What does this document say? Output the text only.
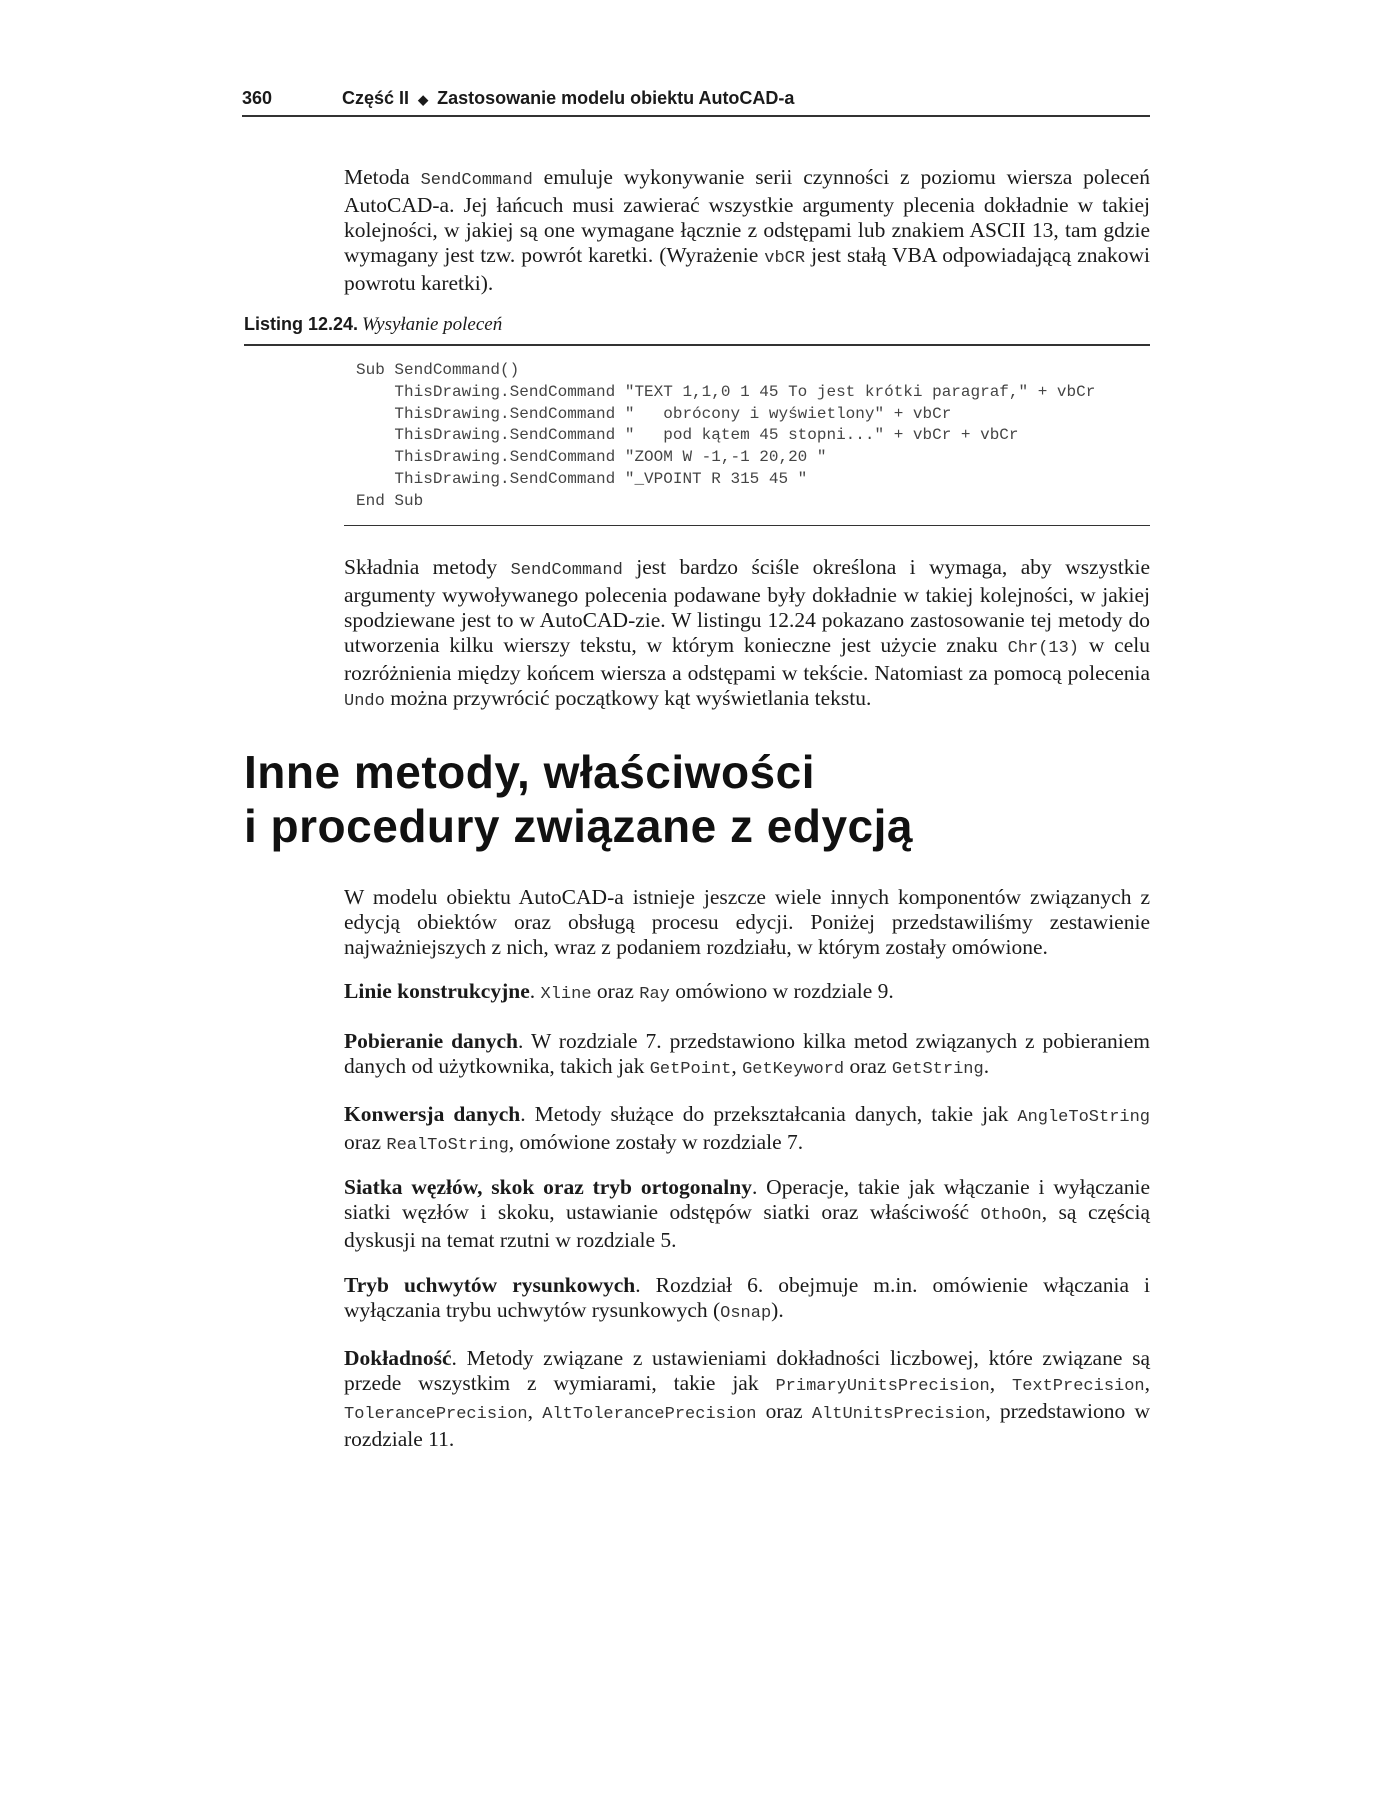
360	Część II ◆ Zastosowanie modelu obiektu AutoCAD-a

Metoda SendCommand emuluje wykonywanie serii czynności z poziomu wiersza poleceń AutoCAD-a. Jej łańcuch musi zawierać wszystkie argumenty plecenia dokładnie w takiej kolejności, w jakiej są one wymagane łącznie z odstępami lub znakiem ASCII 13, tam gdzie wymagany jest tzw. powrót karetki. (Wyrażenie vbCR jest stałą VBA odpowiadającą znakowi powrotu karetki).

Listing 12.24. Wysyłanie poleceń
Sub SendCommand()
ThisDrawing.SendCommand "TEXT 1,1,0 1 45 To jest krótki paragraf," + vbCr
ThisDrawing.SendCommand "   obrócony i wyświetlony" + vbCr
ThisDrawing.SendCommand "   pod kątem 45 stopni..." + vbCr + vbCr
ThisDrawing.SendCommand "ZOOM W -1,-1 20,20 "
ThisDrawing.SendCommand "_VPOINT R 315 45 "
End Sub

Składnia metody SendCommand jest bardzo ściśle określona i wymaga, aby wszystkie argumenty wywoływanego polecenia podawane były dokładnie w takiej kolejności, w jakiej spodziewane jest to w AutoCAD-zie. W listingu 12.24 pokazano zastosowanie tej metody do utworzenia kilku wierszy tekstu, w którym konieczne jest użycie znaku Chr(13) w celu rozróżnienia między końcem wiersza a odstępami w tekście. Natomiast za pomocą polecenia Undo można przywrócić początkowy kąt wyświetlania tekstu.

Inne metody, właściwości
i procedury związane z edycją

W modelu obiektu AutoCAD-a istnieje jeszcze wiele innych komponentów związanych z edycją obiektów oraz obsługą procesu edycji. Poniżej przedstawiliśmy zestawienie najważniejszych z nich, wraz z podaniem rozdziału, w którym zostały omówione.

Linie konstrukcyjne. Xline oraz Ray omówiono w rozdziale 9.

Pobieranie danych. W rozdziale 7. przedstawiono kilka metod związanych z pobieraniem danych od użytkownika, takich jak GetPoint, GetKeyword oraz GetString.

Konwersja danych. Metody służące do przekształcania danych, takie jak AngleToString oraz RealToString, omówione zostały w rozdziale 7.

Siatka węzłów, skok oraz tryb ortogonalny. Operacje, takie jak włączanie i wyłączanie siatki węzłów i skoku, ustawianie odstępów siatki oraz właściwość OthoOn, są częścią dyskusji na temat rzutni w rozdziale 5.

Tryb uchwytów rysunkowych. Rozdział 6. obejmuje m.in. omówienie włączania i wyłączania trybu uchwytów rysunkowych (Osnap).

Dokładność. Metody związane z ustawieniami dokładności liczbowej, które związane są przede wszystkim z wymiarami, takie jak PrimaryUnitsPrecision, TextPrecision, TolerancePrecision, AltTolerancePrecision oraz AltUnitsPrecision, przedstawiono w rozdziale 11.
